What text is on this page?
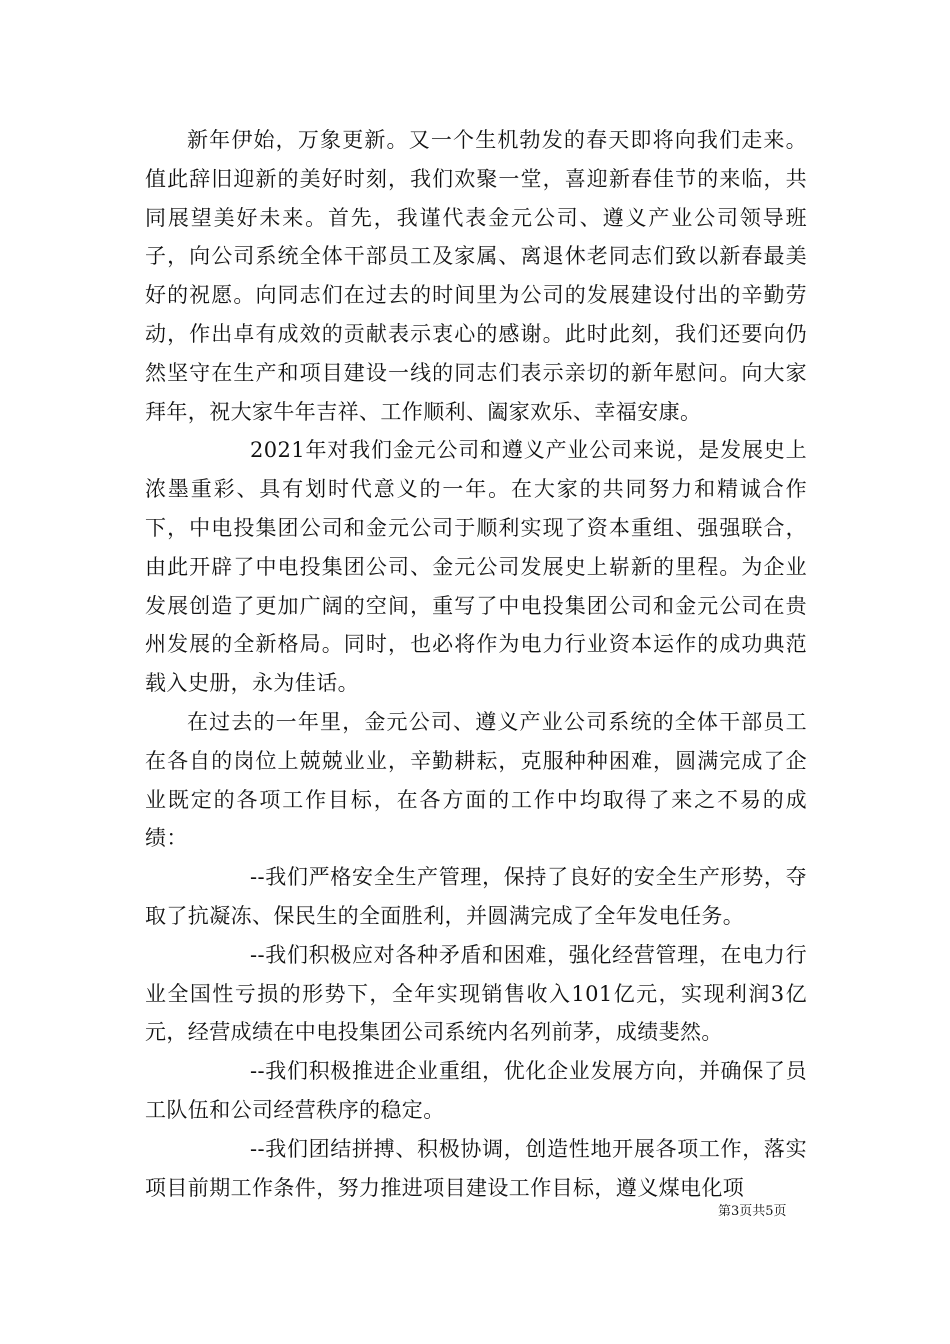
新年伊始，万象更新。又一个生机勃发的春天即将向我们走来。值此辞旧迎新的美好时刻，我们欢聚一堂，喜迎新春佳节的来临，共同展望美好未来。首先，我谨代表金元公司、遵义产业公司领导班子，向公司系统全体干部员工及家属、离退休老同志们致以新春最美好的祝愿。向同志们在过去的时间里为公司的发展建设付出的辛勤劳动，作出卓有成效的贡献表示衷心的感谢。此时此刻，我们还要向仍然坚守在生产和项目建设一线的同志们表示亲切的新年慰问。向大家拜年，祝大家牛年吉祥、工作顺利、阖家欢乐、幸福安康。

2021年对我们金元公司和遵义产业公司来说，是发展史上浓墨重彩、具有划时代意义的一年。在大家的共同努力和精诚合作下，中电投集团公司和金元公司于顺利实现了资本重组、强强联合，由此开辟了中电投集团公司、金元公司发展史上崭新的里程。为企业发展创造了更加广阔的空间，重写了中电投集团公司和金元公司在贵州发展的全新格局。同时，也必将作为电力行业资本运作的成功典范载入史册，永为佳话。

在过去的一年里，金元公司、遵义产业公司系统的全体干部员工在各自的岗位上兢兢业业，辛勤耕耘，克服种种困难，圆满完成了企业既定的各项工作目标，在各方面的工作中均取得了来之不易的成绩：

--我们严格安全生产管理，保持了良好的安全生产形势，夺取了抗凝冻、保民生的全面胜利，并圆满完成了全年发电任务。

--我们积极应对各种矛盾和困难，强化经营管理，在电力行业全国性亏损的形势下，全年实现销售收入101亿元，实现利润3亿元，经营成绩在中电投集团公司系统内名列前茅，成绩斐然。

--我们积极推进企业重组，优化企业发展方向，并确保了员工队伍和公司经营秩序的稳定。

--我们团结拼搏、积极协调，创造性地开展各项工作，落实项目前期工作条件，努力推进项目建设工作目标，遵义煤电化项

第3页共5页
